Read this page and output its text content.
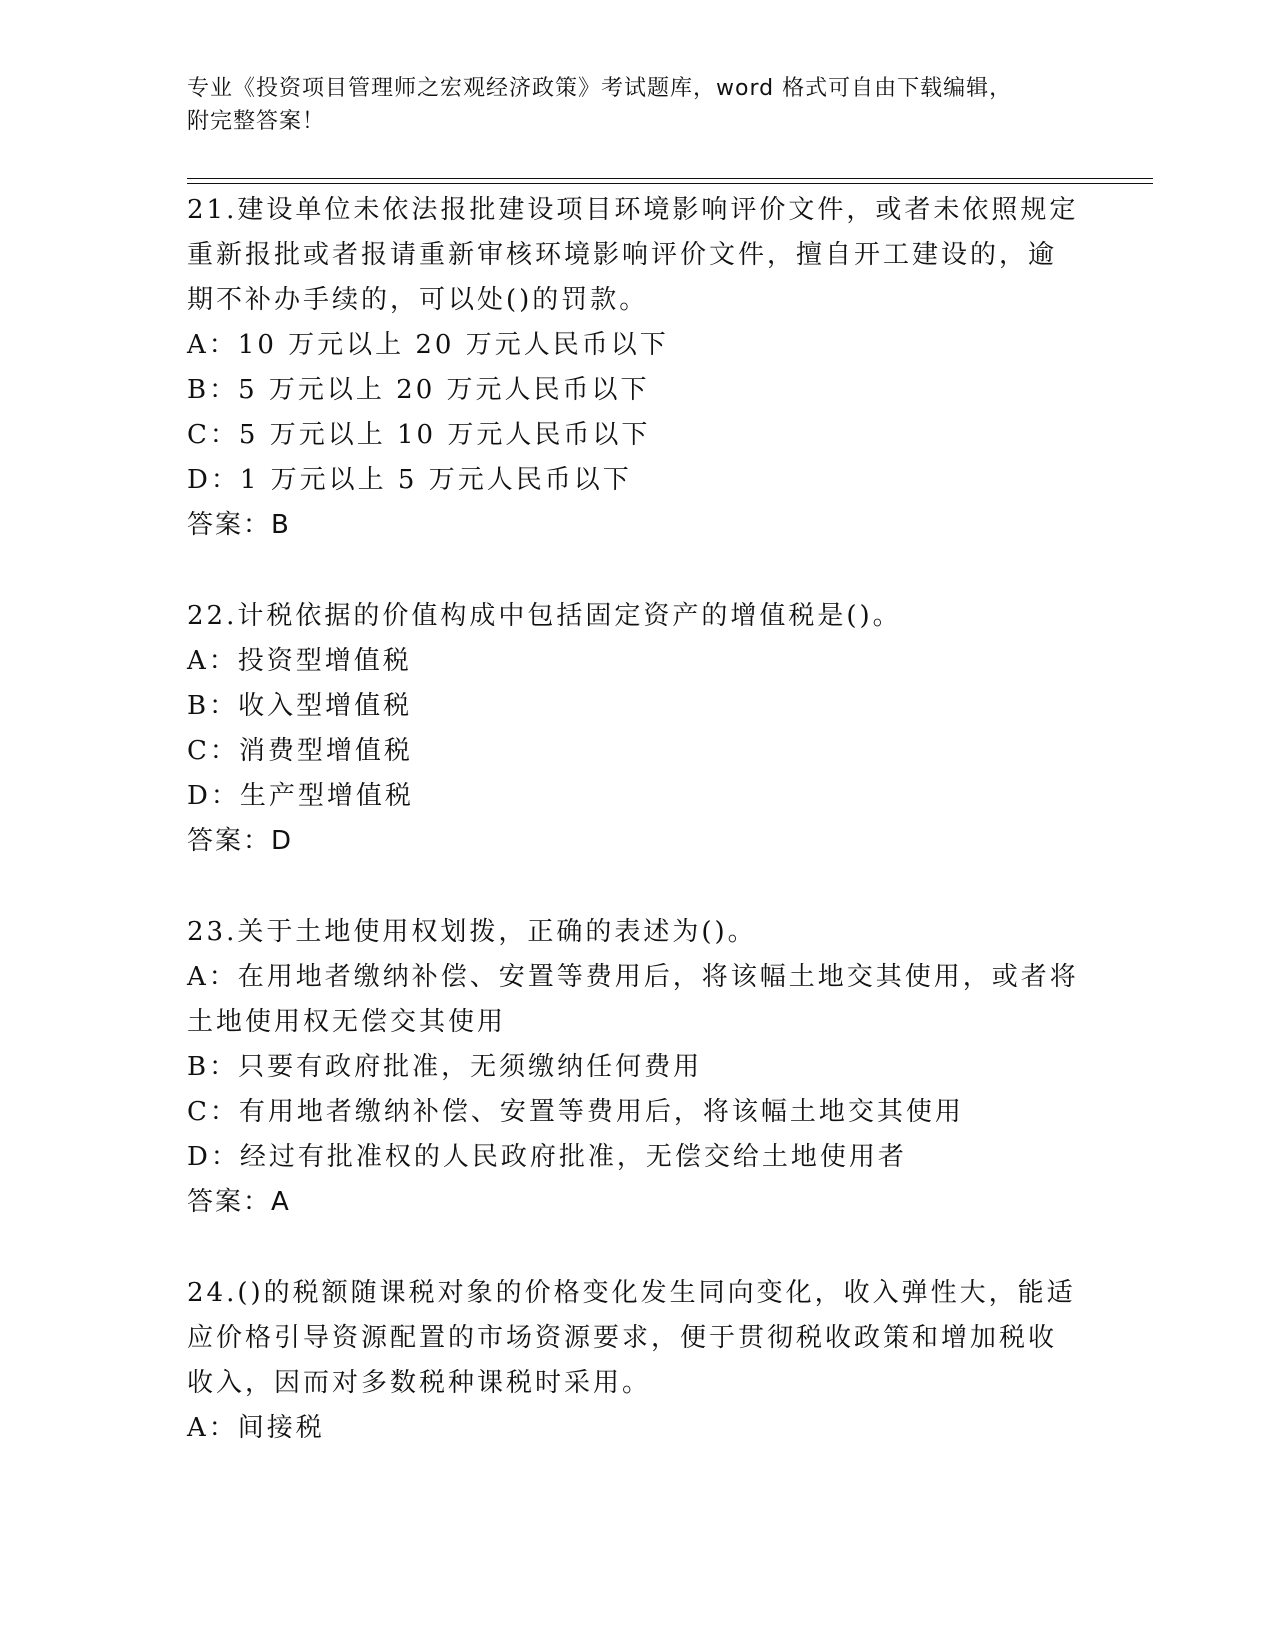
专业《投资项目管理师之宏观经济政策》考试题库，word 格式可自由下载编辑，
附完整答案！
21.建设单位未依法报批建设项目环境影响评价文件，或者未依照规定
重新报批或者报请重新审核环境影响评价文件，擅自开工建设的，逾
期不补办手续的，可以处()的罚款。
A：10 万元以上 20 万元人民币以下
B：5 万元以上 20 万元人民币以下
C：5 万元以上 10 万元人民币以下
D：1 万元以上 5 万元人民币以下
答案：B
22.计税依据的价值构成中包括固定资产的增值税是()。
A：投资型增值税
B：收入型增值税
C：消费型增值税
D：生产型增值税
答案：D
23.关于土地使用权划拨，正确的表述为()。
A：在用地者缴纳补偿、安置等费用后，将该幅土地交其使用，或者将
土地使用权无偿交其使用
B：只要有政府批准，无须缴纳任何费用
C：有用地者缴纳补偿、安置等费用后，将该幅土地交其使用
D：经过有批准权的人民政府批准，无偿交给土地使用者
答案：A
24.()的税额随课税对象的价格变化发生同向变化，收入弹性大，能适
应价格引导资源配置的市场资源要求，便于贯彻税收政策和增加税收
收入，因而对多数税种课税时采用。
A：间接税
